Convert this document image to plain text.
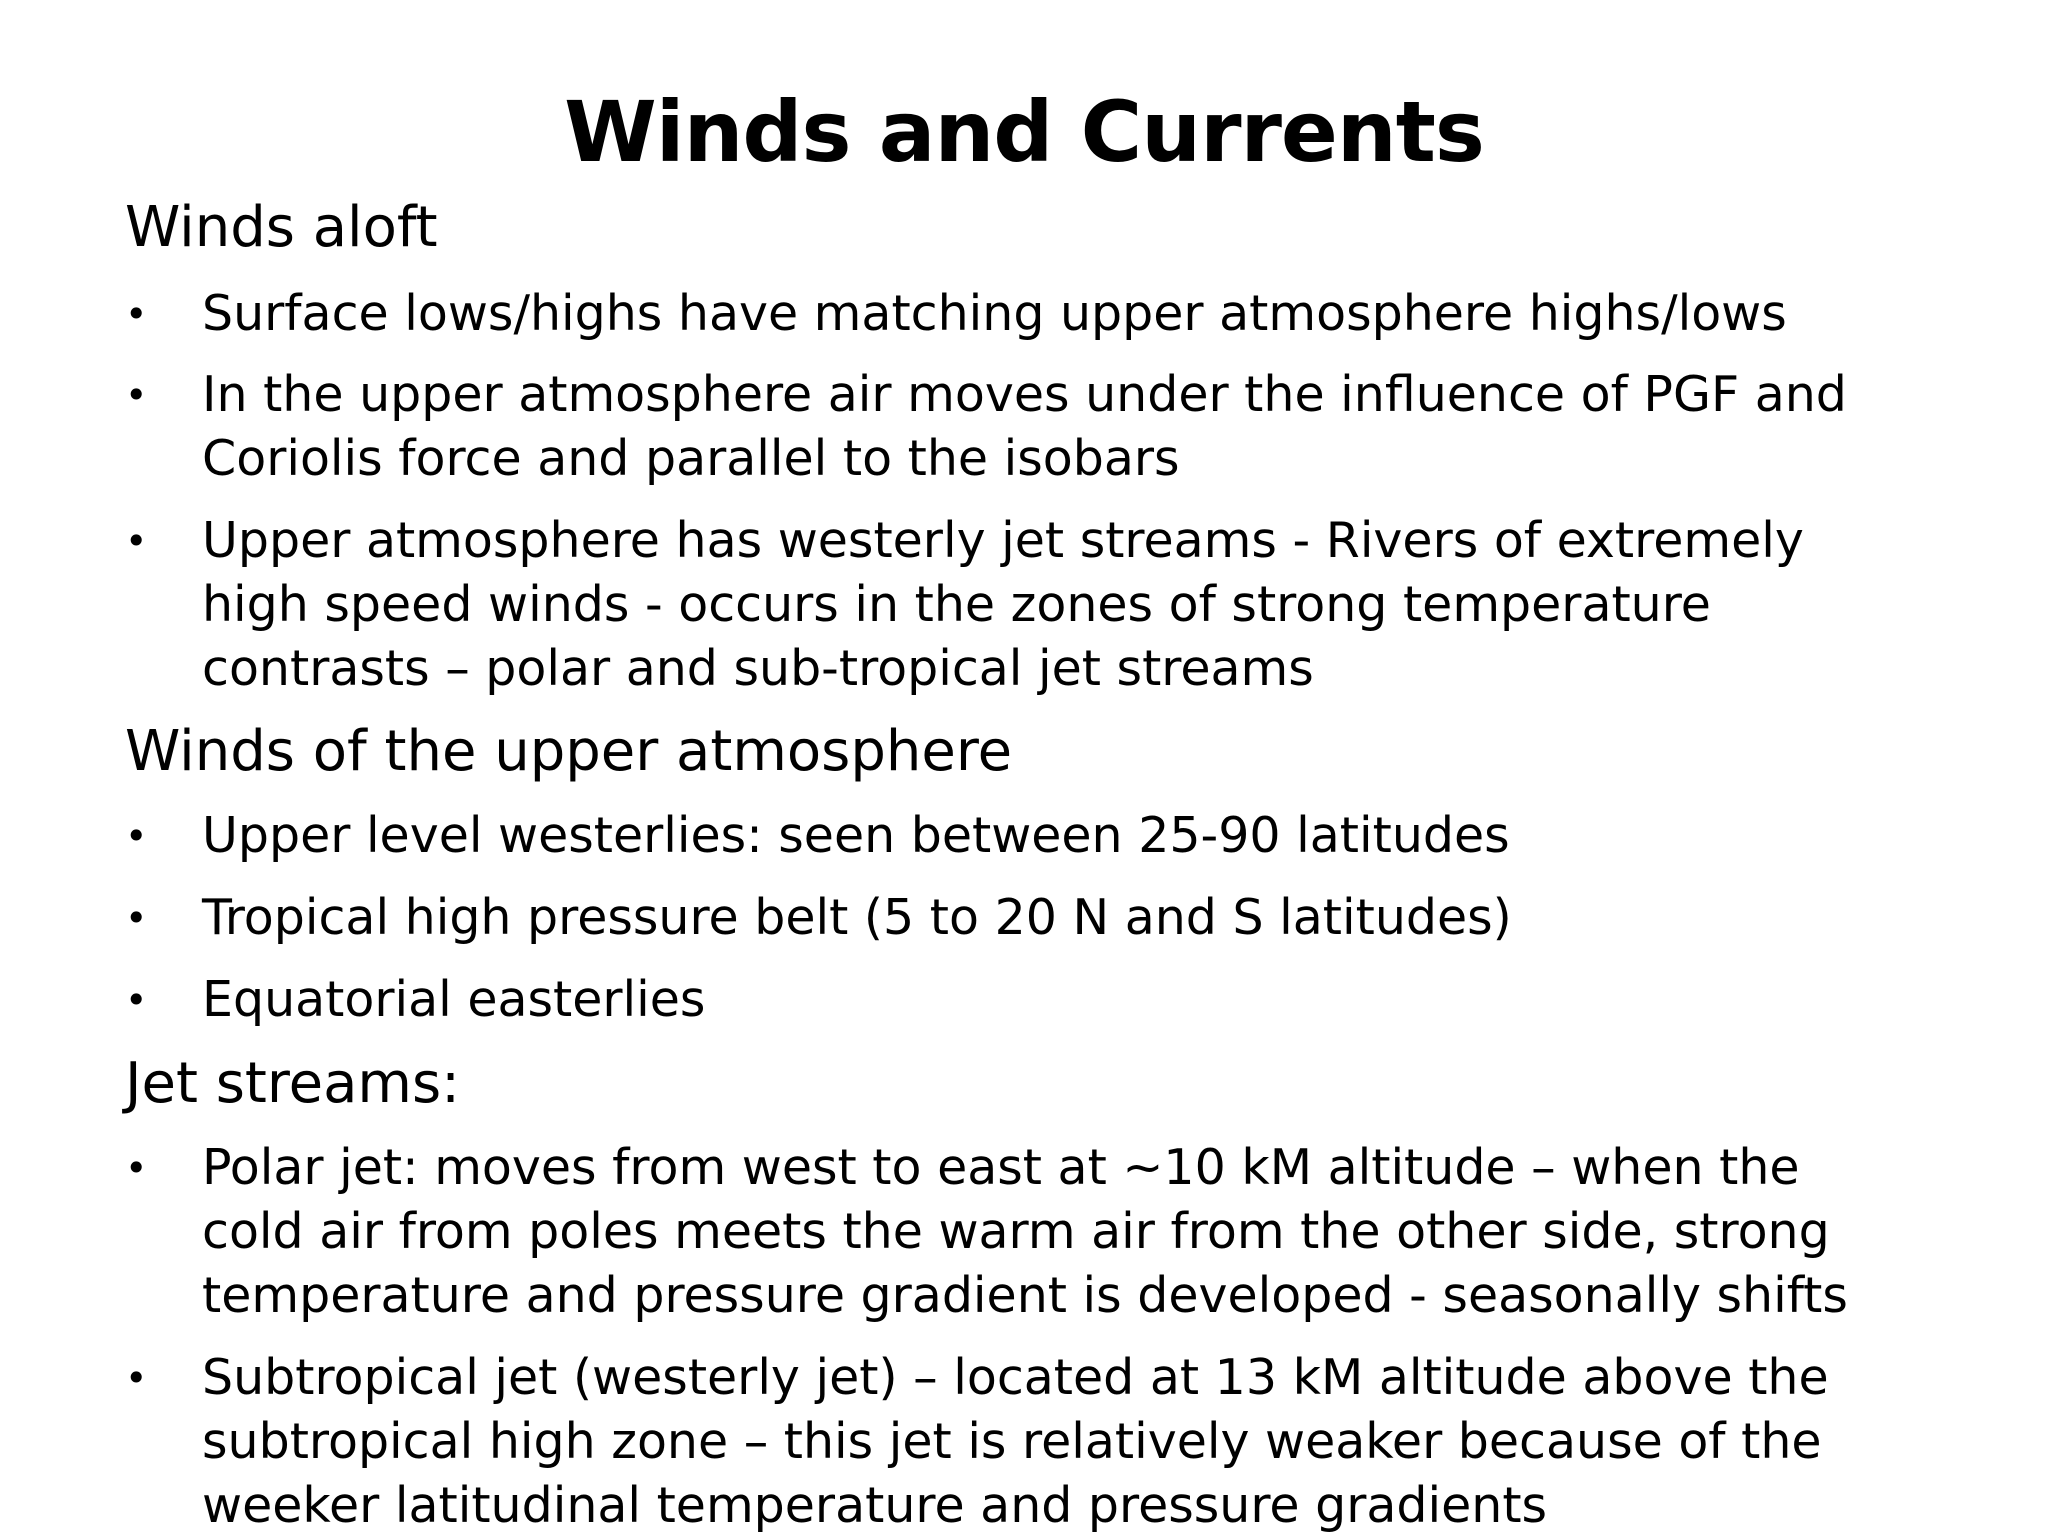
Winds and Currents
Winds aloft
•	Surface lows/highs have matching upper atmosphere highs/lows
•	In the upper atmosphere air moves under the influence of PGF and
Coriolis force and parallel to the isobars
•	Upper atmosphere has westerly jet streams - Rivers of extremely
high speed winds - occurs in the zones of strong temperature
contrasts – polar and sub-tropical jet streams
Winds of the upper atmosphere
•	Upper level westerlies: seen between 25-90 latitudes
•	Tropical high pressure belt (5 to 20 N and S latitudes)
•	Equatorial easterlies
Jet streams:
•	Polar jet: moves from west to east at ~10 kM altitude – when the
cold air from poles meets the warm air from the other side, strong
temperature and pressure gradient is developed - seasonally shifts
•	Subtropical jet (westerly jet) – located at 13 kM altitude above the
subtropical high zone – this jet is relatively weaker because of the
weeker latitudinal temperature and pressure gradients
